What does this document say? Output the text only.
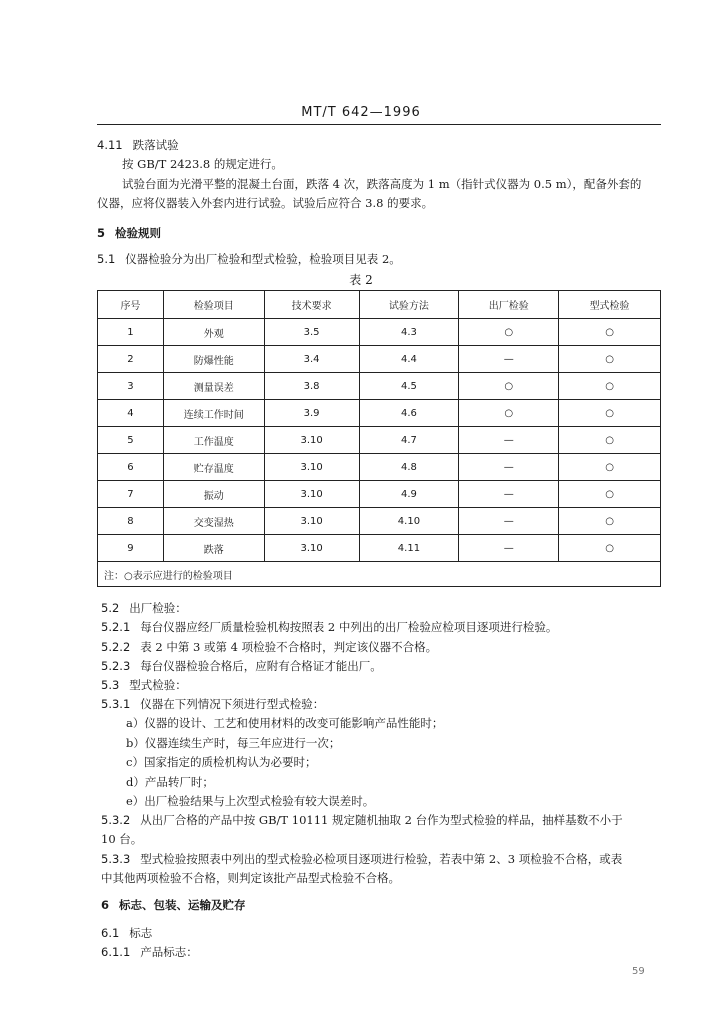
MT/T 642—1996
4.11 跌落试验
按 GB/T 2423.8 的规定进行。
试验台面为光滑平整的混凝土台面，跌落 4 次，跌落高度为 1 m（指针式仪器为 0.5 m），配备外套的
仪器，应将仪器装入外套内进行试验。试验后应符合 3.8 的要求。
5 检验规则
5.1 仪器检验分为出厂检验和型式检验，检验项目见表 2。
表 2
序号	检验项目	技术要求	试验方法	出厂检验	型式检验
1	外观	3.5	4.3	○	○
2	防爆性能	3.4	4.4	—	○
3	测量误差	3.8	4.5	○	○
4	连续工作时间	3.9	4.6	○	○
5	工作温度	3.10	4.7	—	○
6	贮存温度	3.10	4.8	—	○
7	振动	3.10	4.9	—	○
8	交变湿热	3.10	4.10	—	○
9	跌落	3.10	4.11	—	○
注：○表示应进行的检验项目					
5.2 出厂检验：
5.2.1 每台仪器应经厂质量检验机构按照表 2 中列出的出厂检验应检项目逐项进行检验。
5.2.2 表 2 中第 3 或第 4 项检验不合格时，判定该仪器不合格。
5.2.3 每台仪器检验合格后，应附有合格证才能出厂。
5.3 型式检验：
5.3.1 仪器在下列情况下须进行型式检验：
a）仪器的设计、工艺和使用材料的改变可能影响产品性能时；
b）仪器连续生产时，每三年应进行一次；
c）国家指定的质检机构认为必要时；
d）产品转厂时；
e）出厂检验结果与上次型式检验有较大误差时。
5.3.2 从出厂合格的产品中按 GB/T 10111 规定随机抽取 2 台作为型式检验的样品，抽样基数不小于
10 台。
5.3.3 型式检验按照表中列出的型式检验必检项目逐项进行检验，若表中第 2、3 项检验不合格，或表
中其他两项检验不合格，则判定该批产品型式检验不合格。
6 标志、包装、运输及贮存
6.1 标志
6.1.1 产品标志：
59
